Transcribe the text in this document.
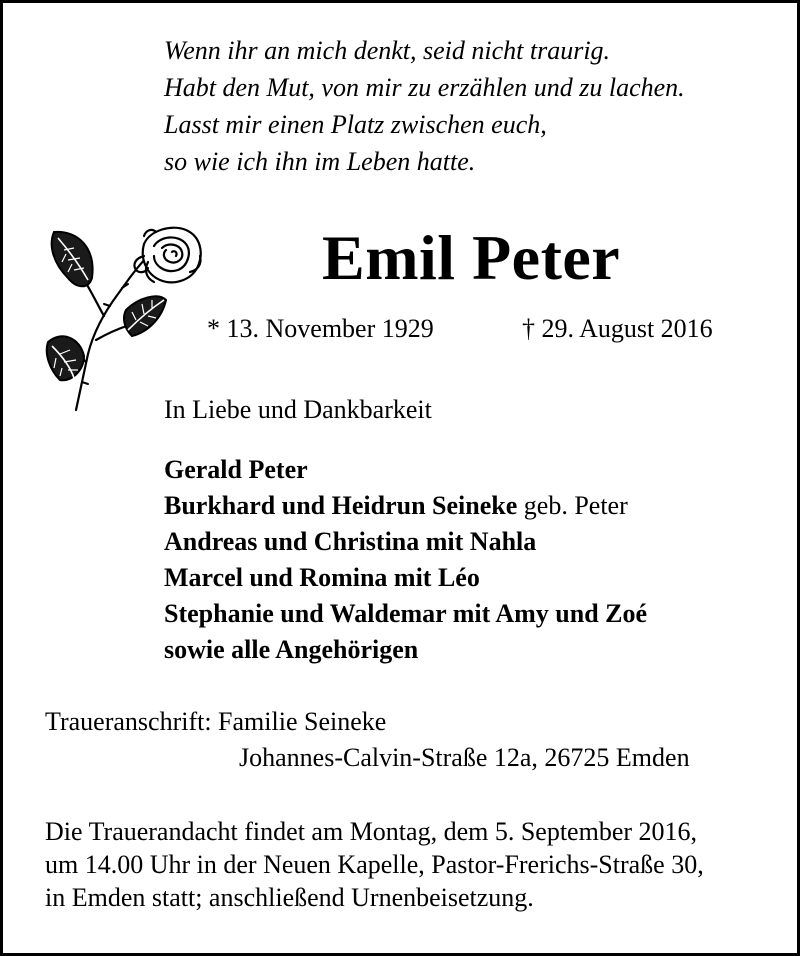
Wenn ihr an mich denkt, seid nicht traurig.
Habt den Mut, von mir zu erzählen und zu lachen.
Lasst mir einen Platz zwischen euch,
so wie ich ihn im Leben hatte.
Emil Peter
* 13. November 1929	† 29. August 2016
In Liebe und Dankbarkeit
Gerald Peter
Burkhard und Heidrun Seineke geb. Peter
Andreas und Christina mit Nahla
Marcel und Romina mit Léo
Stephanie und Waldemar mit Amy und Zoé
sowie alle Angehörigen
Traueranschrift: Familie Seineke
Johannes-Calvin-Straße 12a, 26725 Emden
Die Trauerandacht findet am Montag, dem 5. September 2016,
um 14.00 Uhr in der Neuen Kapelle, Pastor-Frerichs-Straße 30,
in Emden statt; anschließend Urnenbeisetzung.
